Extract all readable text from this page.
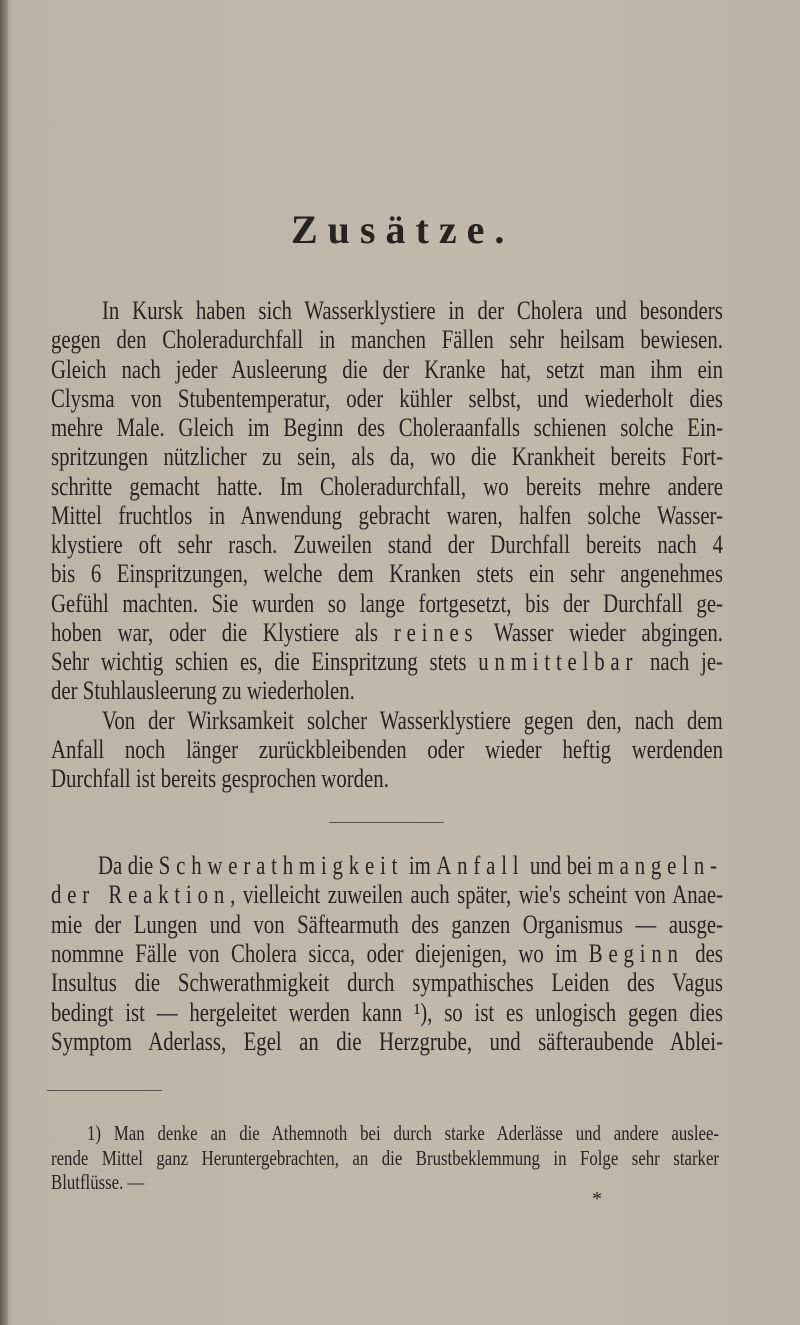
Zusätze.
In Kursk haben sich Wasserklystiere in der Cholera und besonders
gegen den Choleradurchfall in manchen Fällen sehr heilsam bewiesen.
Gleich nach jeder Ausleerung die der Kranke hat, setzt man ihm ein
Clysma von Stubentemperatur, oder kühler selbst, und wiederholt dies
mehre Male. Gleich im Beginn des Choleraanfalls schienen solche Ein-
spritzungen nützlicher zu sein, als da, wo die Krankheit bereits Fort-
schritte gemacht hatte. Im Choleradurchfall, wo bereits mehre andere
Mittel fruchtlos in Anwendung gebracht waren, halfen solche Wasser-
klystiere oft sehr rasch. Zuweilen stand der Durchfall bereits nach 4
bis 6 Einspritzungen, welche dem Kranken stets ein sehr angenehmes
Gefühl machten. Sie wurden so lange fortgesetzt, bis der Durchfall ge-
hoben war, oder die Klystiere als reines Wasser wieder abgingen.
Sehr wichtig schien es, die Einspritzung stets unmittelbar nach je-
der Stuhlausleerung zu wiederholen.
Von der Wirksamkeit solcher Wasserklystiere gegen den, nach dem
Anfall noch länger zurückbleibenden oder wieder heftig werdenden
Durchfall ist bereits gesprochen worden.
Da die Schwerathmigkeit im Anfall und bei mangeln-
der Reaktion, vielleicht zuweilen auch später, wie's scheint von Anae-
mie der Lungen und von Säftearmuth des ganzen Organismus — ausge-
nommne Fälle von Cholera sicca, oder diejenigen, wo im Beginn des
Insultus die Schwerathmigkeit durch sympathisches Leiden des Vagus
bedingt ist — hergeleitet werden kann ¹), so ist es unlogisch gegen dies
Symptom Aderlass, Egel an die Herzgrube, und säfteraubende Ablei-
1) Man denke an die Athemnoth bei durch starke Aderlässe und andere auslee-
rende Mittel ganz Heruntergebrachten, an die Brustbeklemmung in Folge sehr starker
Blutflüsse. —
*
